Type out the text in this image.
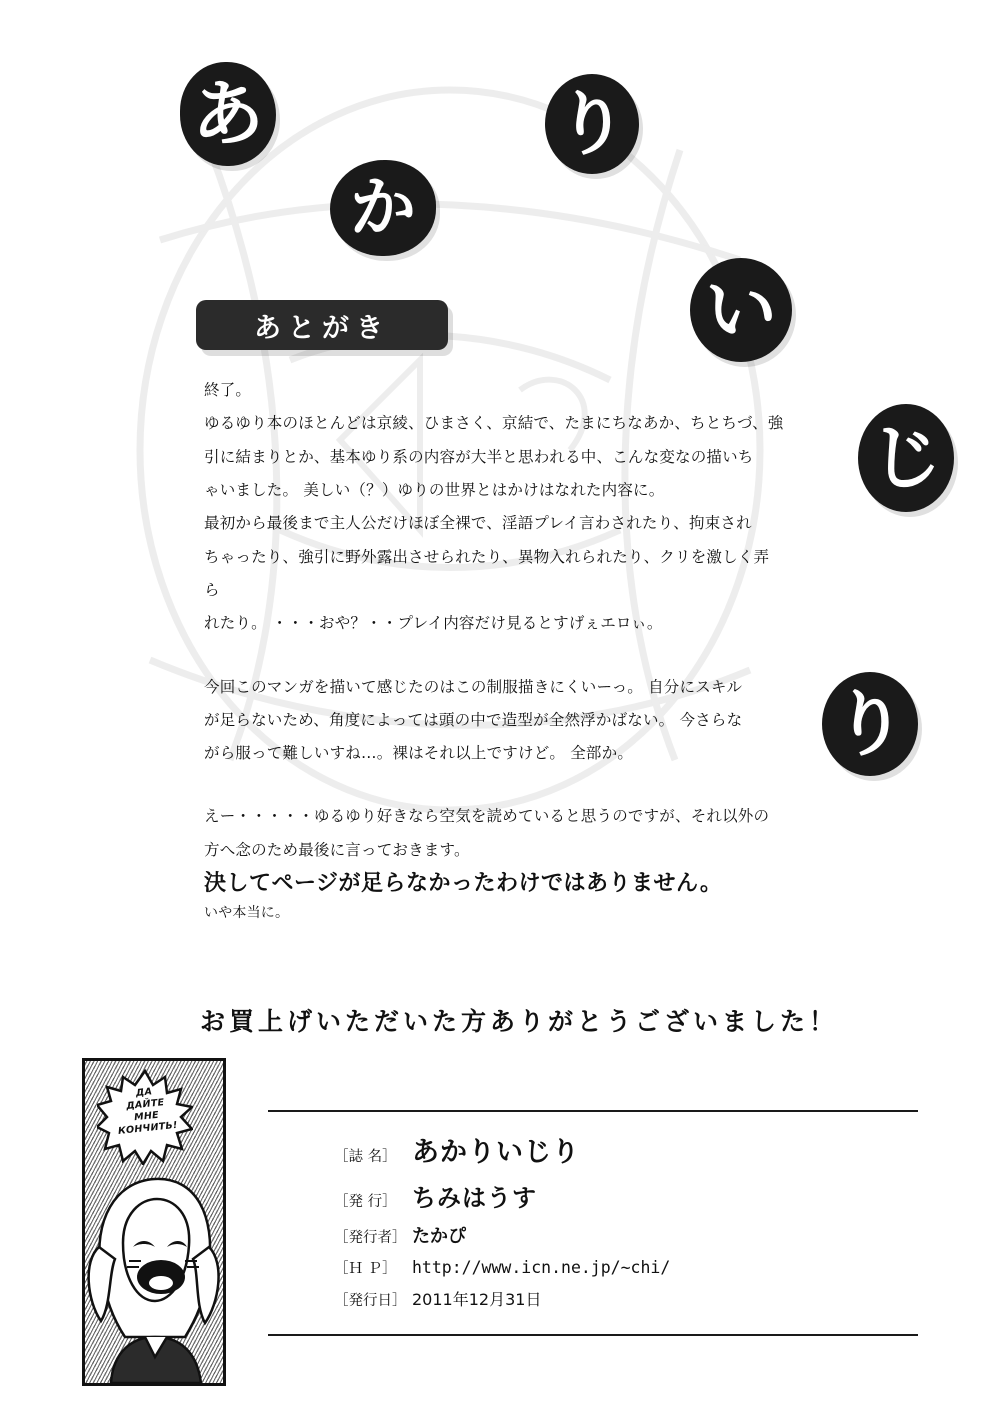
あ
か
り
い
じ
り
あとがき

終了。

ゆるゆり本のほとんどは京綾、ひまさく、京結で、たまにちなあか、ちとちづ、強

引に結まりとか、基本ゆり系の内容が大半と思われる中、こんな変なの描いち

ゃいました。 美しい（？）ゆりの世界とはかけはなれた内容に。

最初から最後まで主人公だけほぼ全裸で、淫語プレイ言わされたり、拘束され

ちゃったり、強引に野外露出させられたり、異物入れられたり、クリを激しく弄ら

れたり。 ・・・おや？・・プレイ内容だけ見るとすげぇエロぃ。

今回このマンガを描いて感じたのはこの制服描きにくいーっ。 自分にスキル

が足らないため、角度によっては頭の中で造型が全然浮かばない。 今さらな

がら服って難しいすね…。裸はそれ以上ですけど。 全部か。

えー・・・・・ゆるゆり好きなら空気を読めていると思うのですが、それ以外の

方へ念のため最後に言っておきます。

決してページが足らなかったわけではありません。

いや本当に。

お買上げいただいた方ありがとうございました！
［誌 名］ あかりいじり
［発 行］ ちみはうす
［発行者］ たかぴ
［Ｈ Ｐ］ http://www.icn.ne.jp/~chi/
［発行日］ 2011年12月31日
ДА
ДАЙТЕ
МНЕ
КОНЧИТЬ!
